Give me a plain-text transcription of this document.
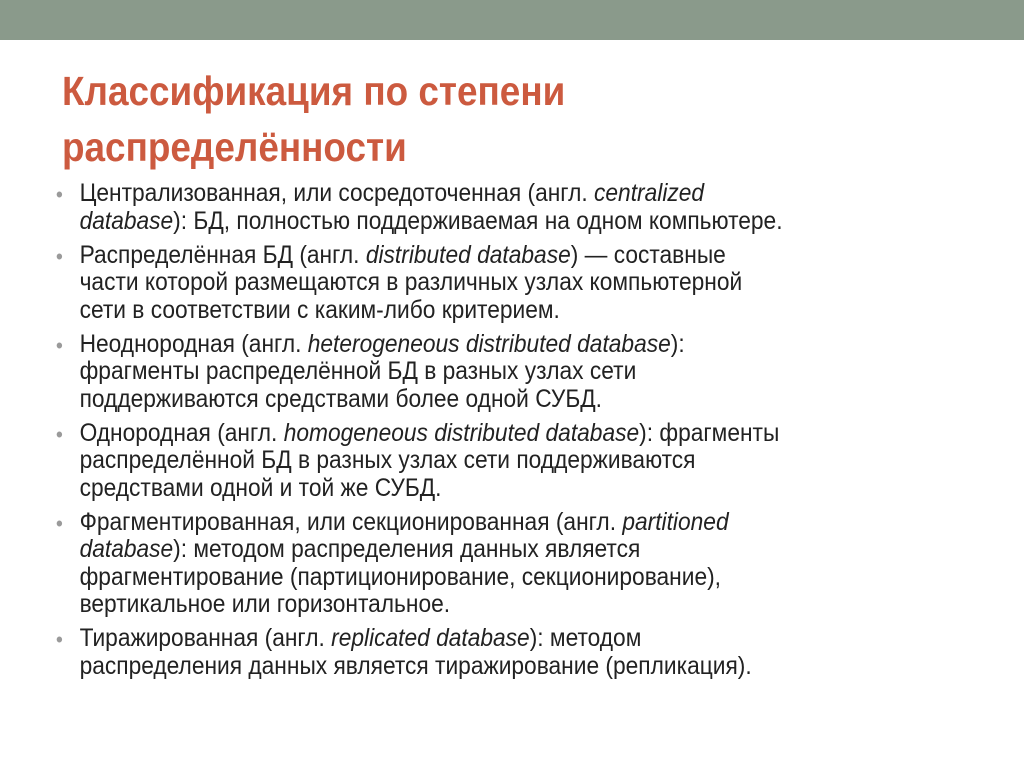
Классификация по степени
распределённости
• Централизованная, или сосредоточенная (англ. centralized
database): БД, полностью поддерживаемая на одном компьютере.
• Распределённая БД (англ. distributed database) — составные
части которой размещаются в различных узлах компьютерной
сети в соответствии с каким-либо критерием.
• Неоднородная (англ. heterogeneous distributed database):
фрагменты распределённой БД в разных узлах сети
поддерживаются средствами более одной СУБД.
• Однородная (англ. homogeneous distributed database): фрагменты
распределённой БД в разных узлах сети поддерживаются
средствами одной и той же СУБД.
• Фрагментированная, или секционированная (англ. partitioned
database): методом распределения данных является
фрагментирование (партиционирование, секционирование),
вертикальное или горизонтальное.
• Тиражированная (англ. replicated database): методом
распределения данных является тиражирование (репликация).
